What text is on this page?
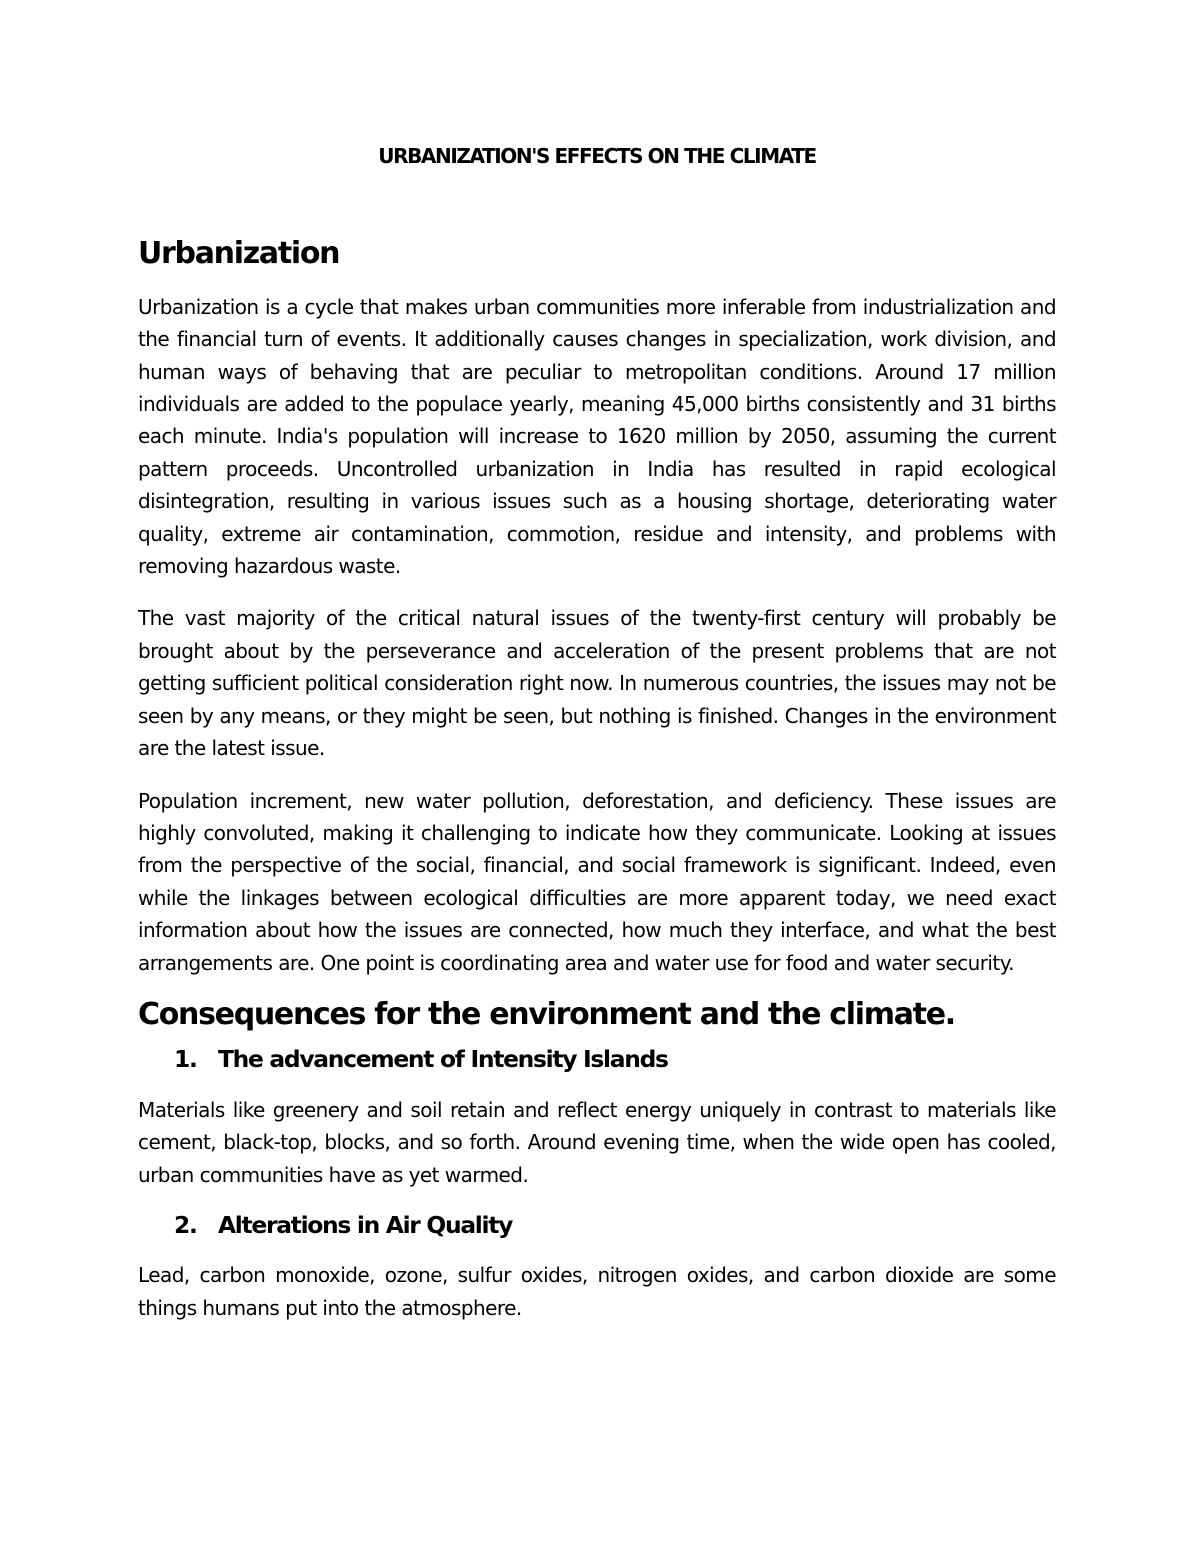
URBANIZATION'S EFFECTS ON THE CLIMATE
Urbanization

Urbanization is a cycle that makes urban communities more inferable from industrialization and the financial turn of events. It additionally causes changes in specialization, work division, and human ways of behaving that are peculiar to metropolitan conditions. Around 17 million individuals are added to the populace yearly, meaning 45,000 births consistently and 31 births each minute. India's population will increase to 1620 million by 2050, assuming the current pattern proceeds. Uncontrolled urbanization in India has resulted in rapid ecological disintegration, resulting in various issues such as a housing shortage, deteriorating water quality, extreme air contamination, commotion, residue and intensity, and problems with removing hazardous waste.

The vast majority of the critical natural issues of the twenty-first century will probably be brought about by the perseverance and acceleration of the present problems that are not getting sufficient political consideration right now. In numerous countries, the issues may not be seen by any means, or they might be seen, but nothing is finished. Changes in the environment are the latest issue.

Population increment, new water pollution, deforestation, and deficiency. These issues are highly convoluted, making it challenging to indicate how they communicate. Looking at issues from the perspective of the social, financial, and social framework is significant. Indeed, even while the linkages between ecological difficulties are more apparent today, we need exact information about how the issues are connected, how much they interface, and what the best arrangements are. One point is coordinating area and water use for food and water security.

Consequences for the environment and the climate.
1. The advancement of Intensity Islands

Materials like greenery and soil retain and reflect energy uniquely in contrast to materials like cement, black-top, blocks, and so forth. Around evening time, when the wide open has cooled, urban communities have as yet warmed.

2. Alterations in Air Quality

Lead, carbon monoxide, ozone, sulfur oxides, nitrogen oxides, and carbon dioxide are some things humans put into the atmosphere.
